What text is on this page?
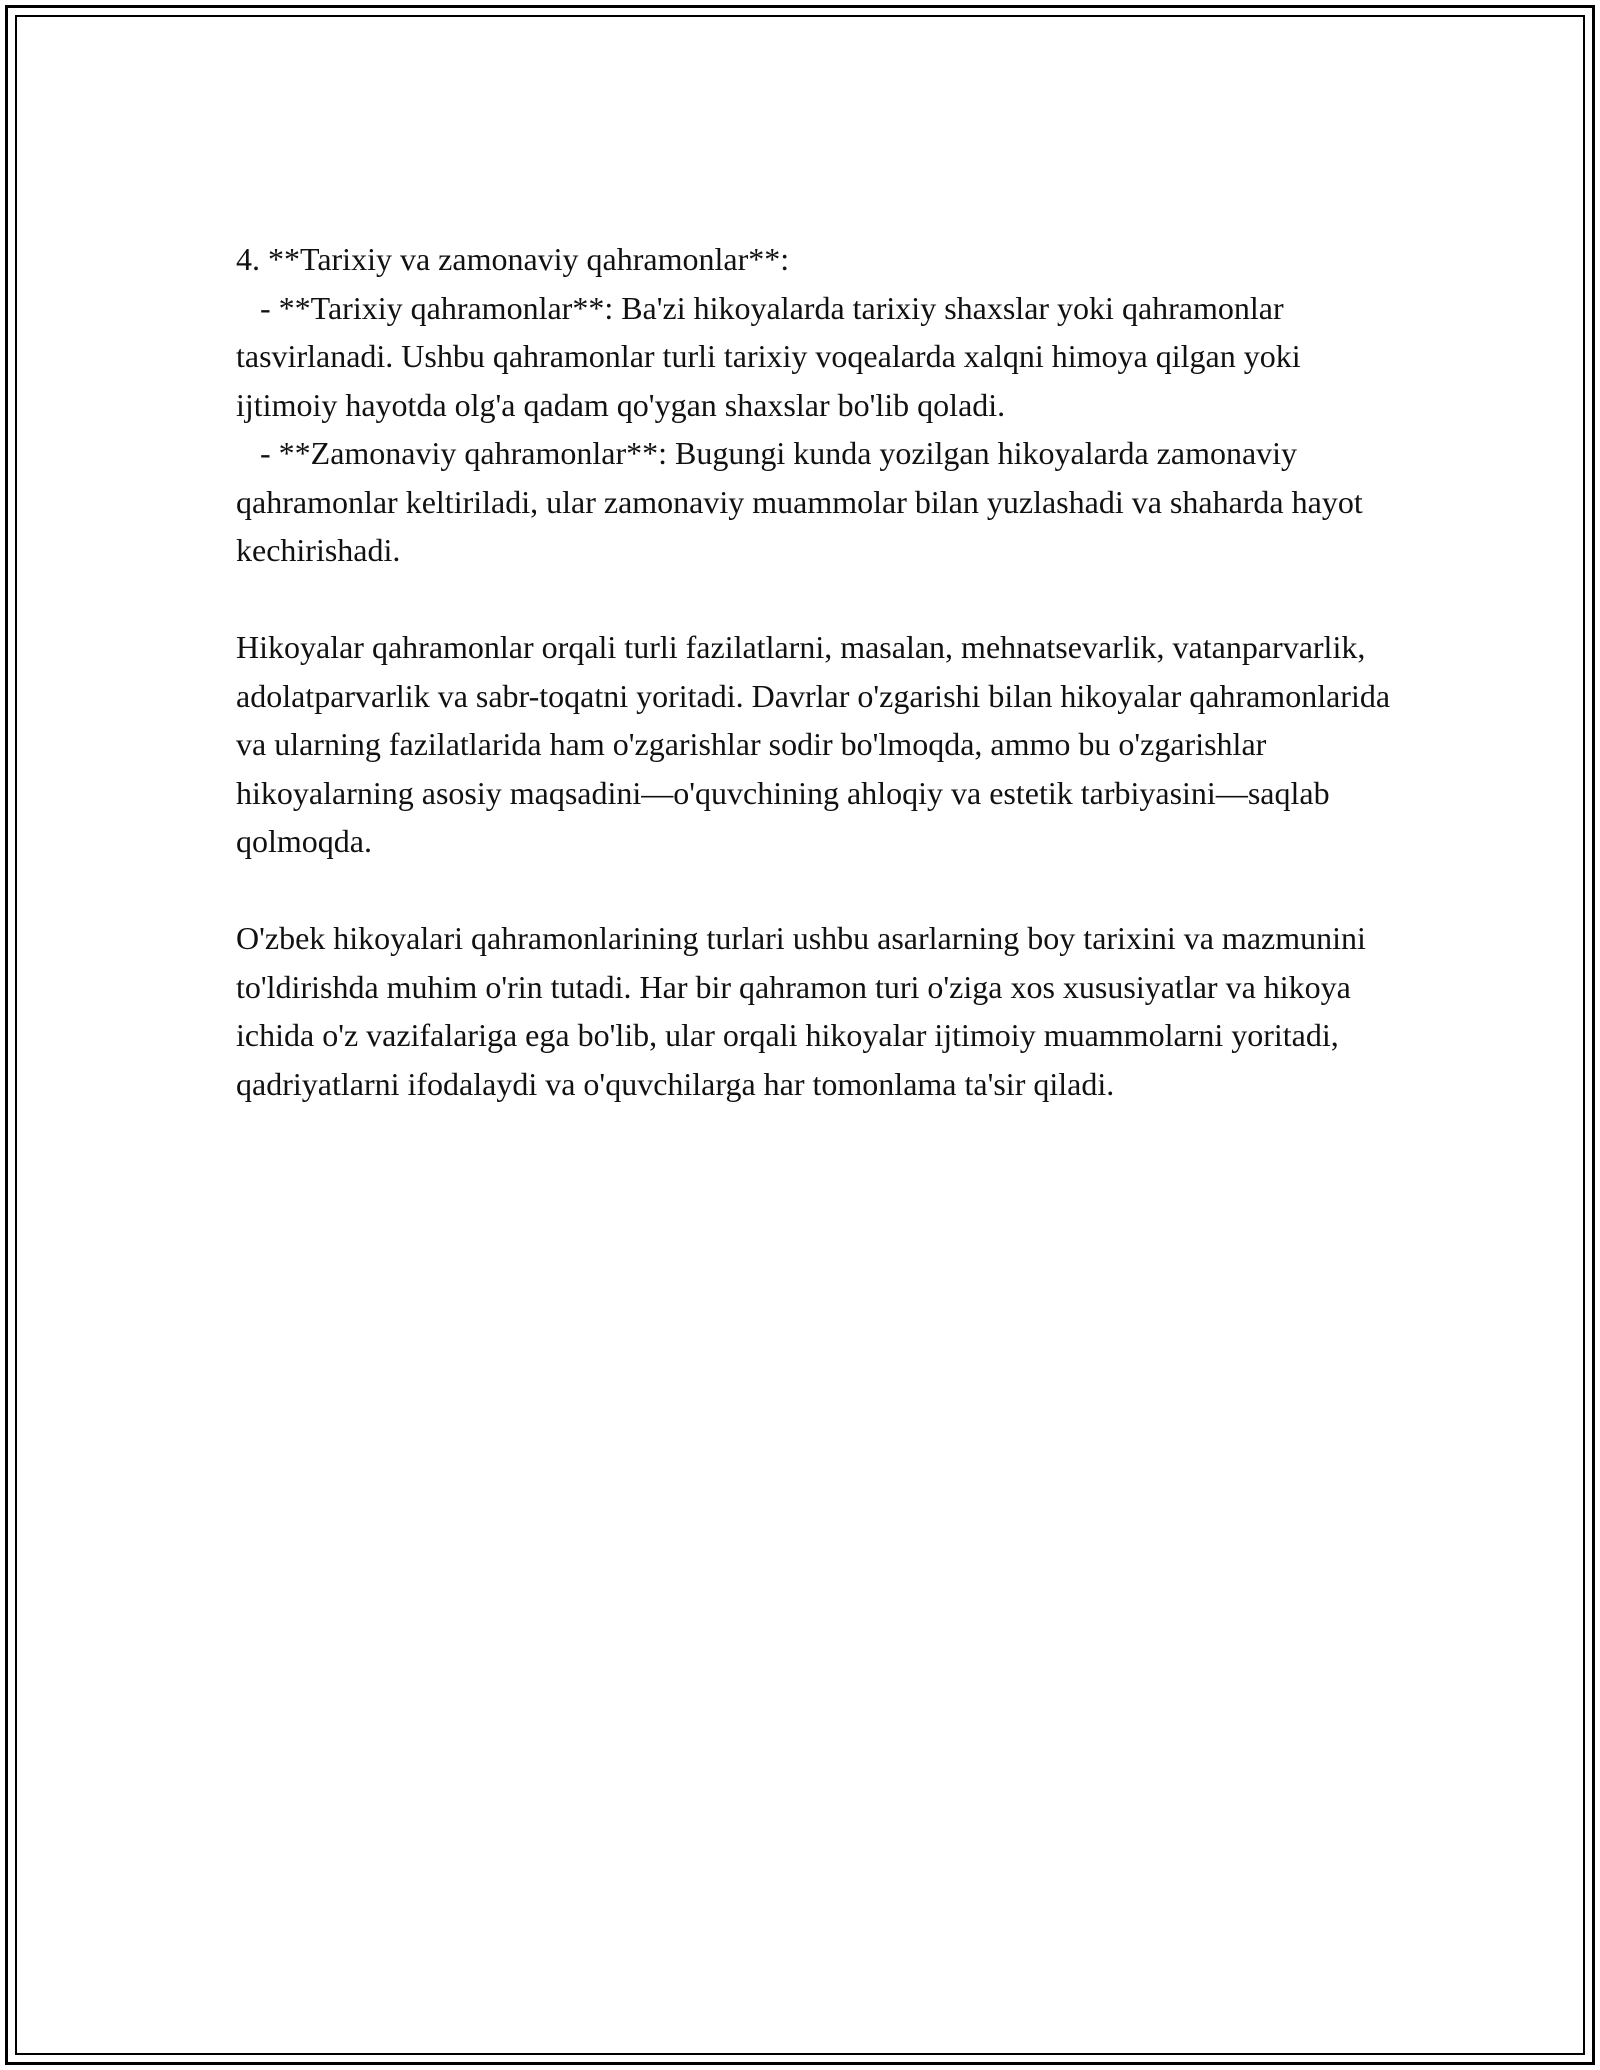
4. **Tarixiy va zamonaviy qahramonlar**:

- **Tarixiy qahramonlar**: Ba'zi hikoyalarda tarixiy shaxslar yoki qahramonlar tasvirlanadi. Ushbu qahramonlar turli tarixiy voqealarda xalqni himoya qilgan yoki ijtimoiy hayotda olg'a qadam qo'ygan shaxslar bo'lib qoladi.

- **Zamonaviy qahramonlar**: Bugungi kunda yozilgan hikoyalarda zamonaviy qahramonlar keltiriladi, ular zamonaviy muammolar bilan yuzlashadi va shaharda hayot kechirishadi.

Hikoyalar qahramonlar orqali turli fazilatlarni, masalan, mehnatsevarlik, vatanparvarlik, adolatparvarlik va sabr-toqatni yoritadi. Davrlar o'zgarishi bilan hikoyalar qahramonlarida va ularning fazilatlarida ham o'zgarishlar sodir bo'lmoqda, ammo bu o'zgarishlar hikoyalarning asosiy maqsadini—o'quvchining ahloqiy va estetik tarbiyasini—saqlab qolmoqda.

O'zbek hikoyalari qahramonlarining turlari ushbu asarlarning boy tarixini va mazmunini to'ldirishda muhim o'rin tutadi. Har bir qahramon turi o'ziga xos xususiyatlar va hikoya ichida o'z vazifalariga ega bo'lib, ular orqali hikoyalar ijtimoiy muammolarni yoritadi, qadriyatlarni ifodalaydi va o'quvchilarga har tomonlama ta'sir qiladi.
